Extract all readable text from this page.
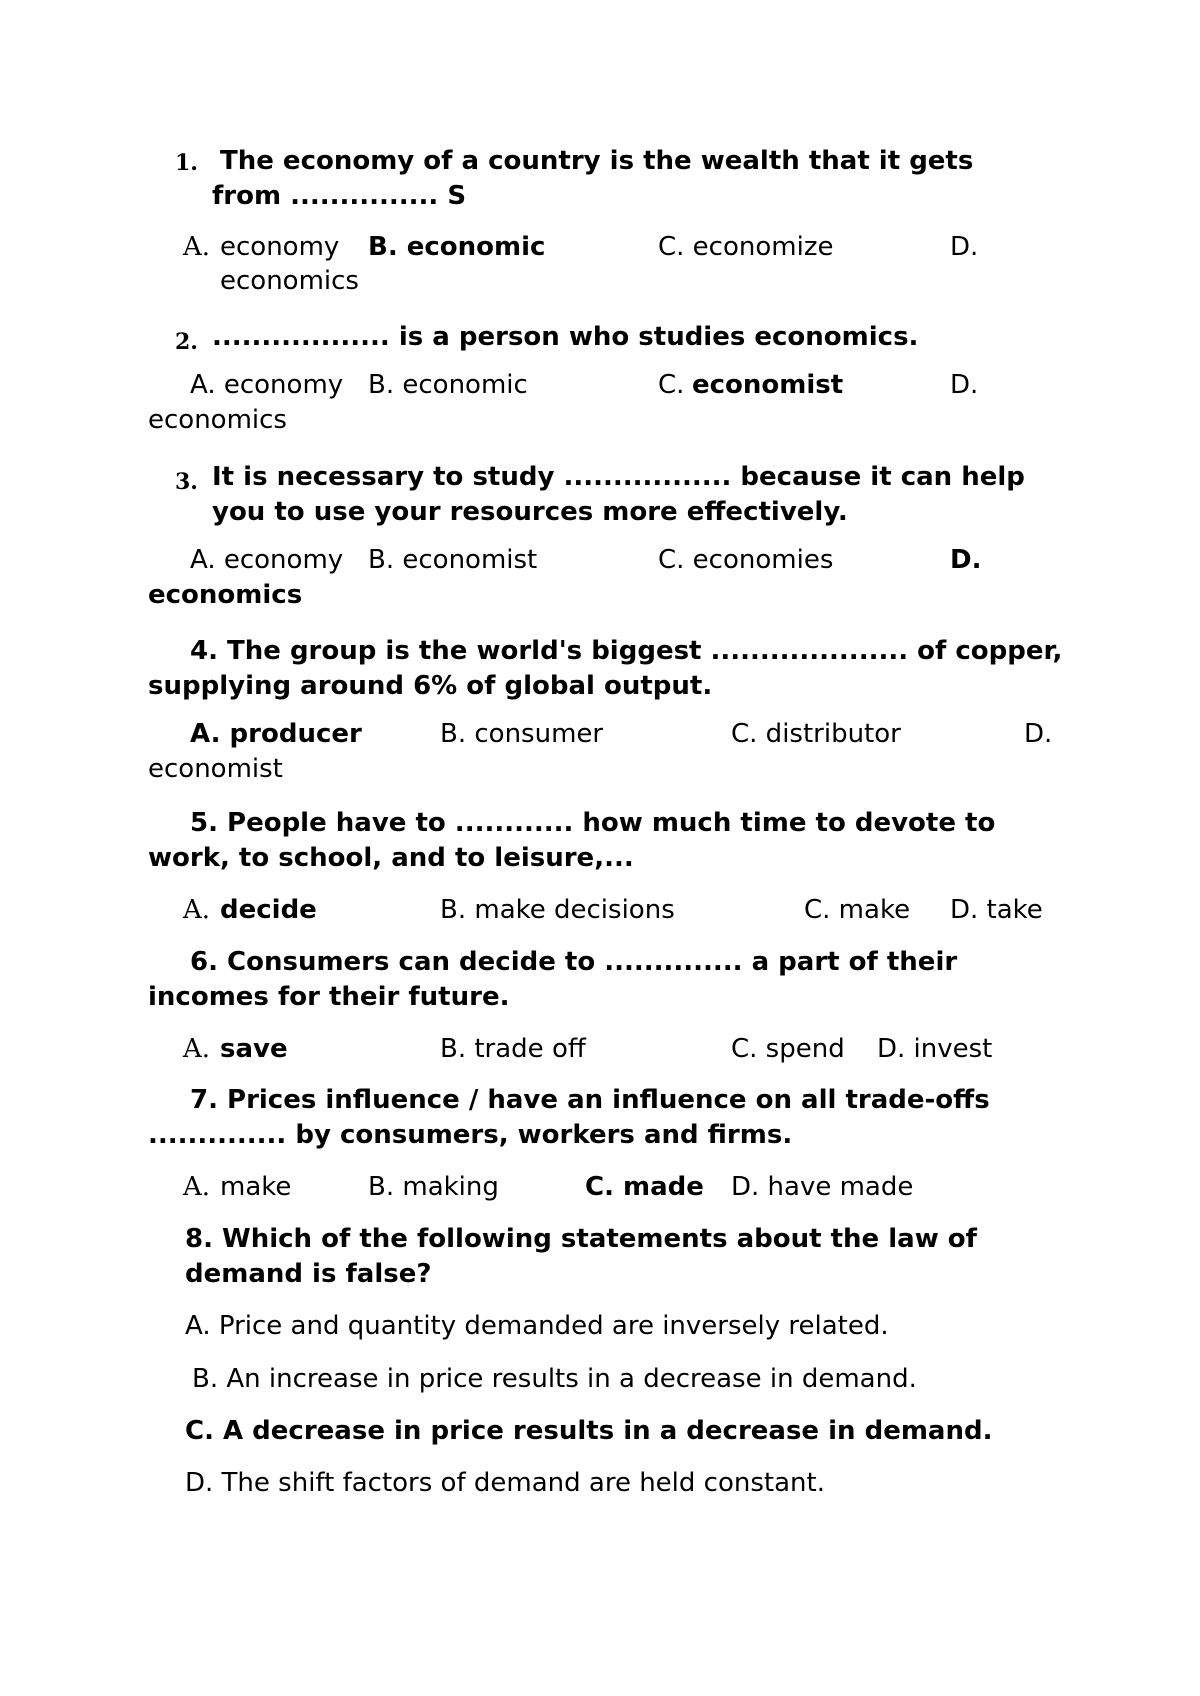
1. The economy of a country is the wealth that it gets
from ............... S
A. economy B. economic	C. economize	D.
economics
2. .................. is a person who studies economics.
A. economy B. economic	C. economist	D.
economics
3. It is necessary to study ................. because it can help
you to use your resources more effectively.
A. economy B. economist	C. economies	D.
economics
4. The group is the world's biggest .................... of copper,
supplying around 6% of global output.
A. producer	B. consumer	C. distributor	D.
economist
5. People have to ............ how much time to devote to
work, to school, and to leisure,...
A. decide	B. make decisions	C. make D. take
6. Consumers can decide to .............. a part of their
incomes for their future.
A. save	B. trade off	C. spend D. invest
7. Prices influence / have an influence on all trade-offs
.............. by consumers, workers and firms.
A. make	B. making	C. made D. have made
8. Which of the following statements about the law of
demand is false?
A. Price and quantity demanded are inversely related.
B. An increase in price results in a decrease in demand.
C. A decrease in price results in a decrease in demand.
D. The shift factors of demand are held constant.
